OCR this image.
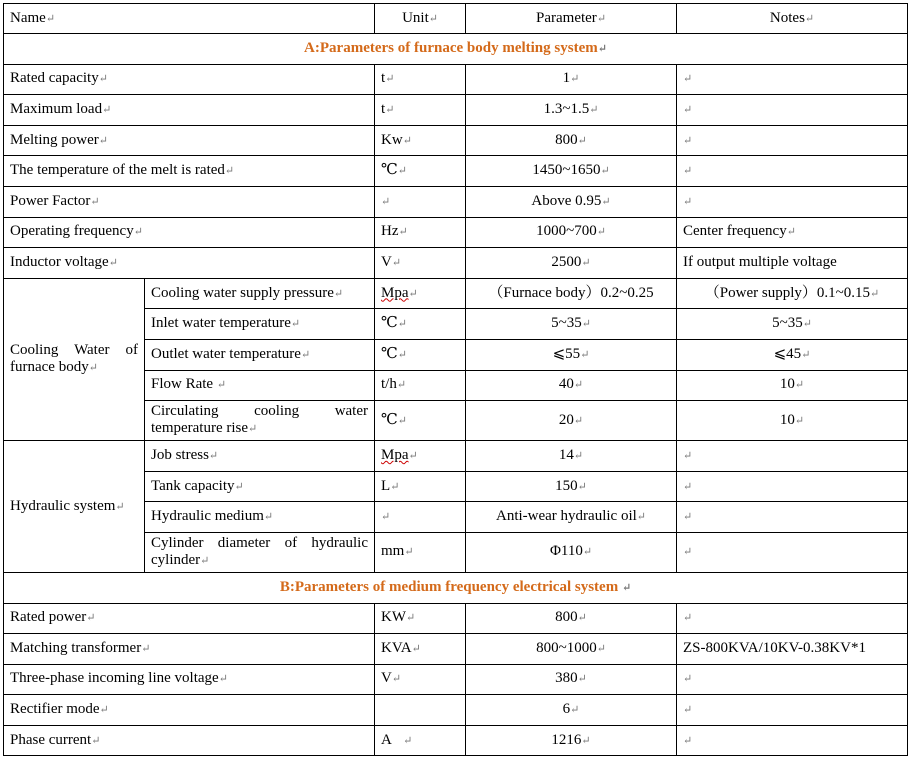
Name↵		Unit↵	Parameter↵	Notes↵
A:Parameters of furnace body melting system↵				
Rated capacity↵		t↵	1↵	↵
Maximum load↵		t↵	1.3~1.5↵	↵
Melting power↵		Kw↵	800↵	↵
The temperature of the melt is rated↵		℃↵	1450~1650↵	↵
Power Factor↵		↵	Above 0.95↵	↵
Operating frequency↵		Hz↵	1000~700↵	Center frequency↵
Inductor voltage↵		V↵	2500↵	If output multiple voltage
Cooling Water of furnace body↵	Cooling water supply pressure↵	Mpa↵	（Furnace body）0.2~0.25	（Power supply）0.1~0.15↵
	Inlet water temperature↵	℃↵	5~35↵	5~35↵
	Outlet water temperature↵	℃↵	⩽55↵	⩽45↵
	Flow Rate ↵	t/h↵	40↵	10↵
	Circulating cooling water temperature rise↵	℃↵	20↵	10↵
Hydraulic system↵	Job stress↵	Mpa↵	14↵	↵
	Tank capacity↵	L↵	150↵	↵
	Hydraulic medium↵	↵	Anti-wear hydraulic oil↵	↵
	Cylinder diameter of hydraulic cylinder↵	mm↵	Φ110↵	↵
B:Parameters of medium frequency electrical system ↵				
Rated power↵		KW↵	800↵	↵
Matching transformer↵		KVA↵	800~1000↵	ZS-800KVA/10KV-0.38KV*1
Three-phase incoming line voltage↵		V↵	380↵	↵
Rectifier mode↵			6↵	↵
Phase current↵		A ↵	1216↵	↵
